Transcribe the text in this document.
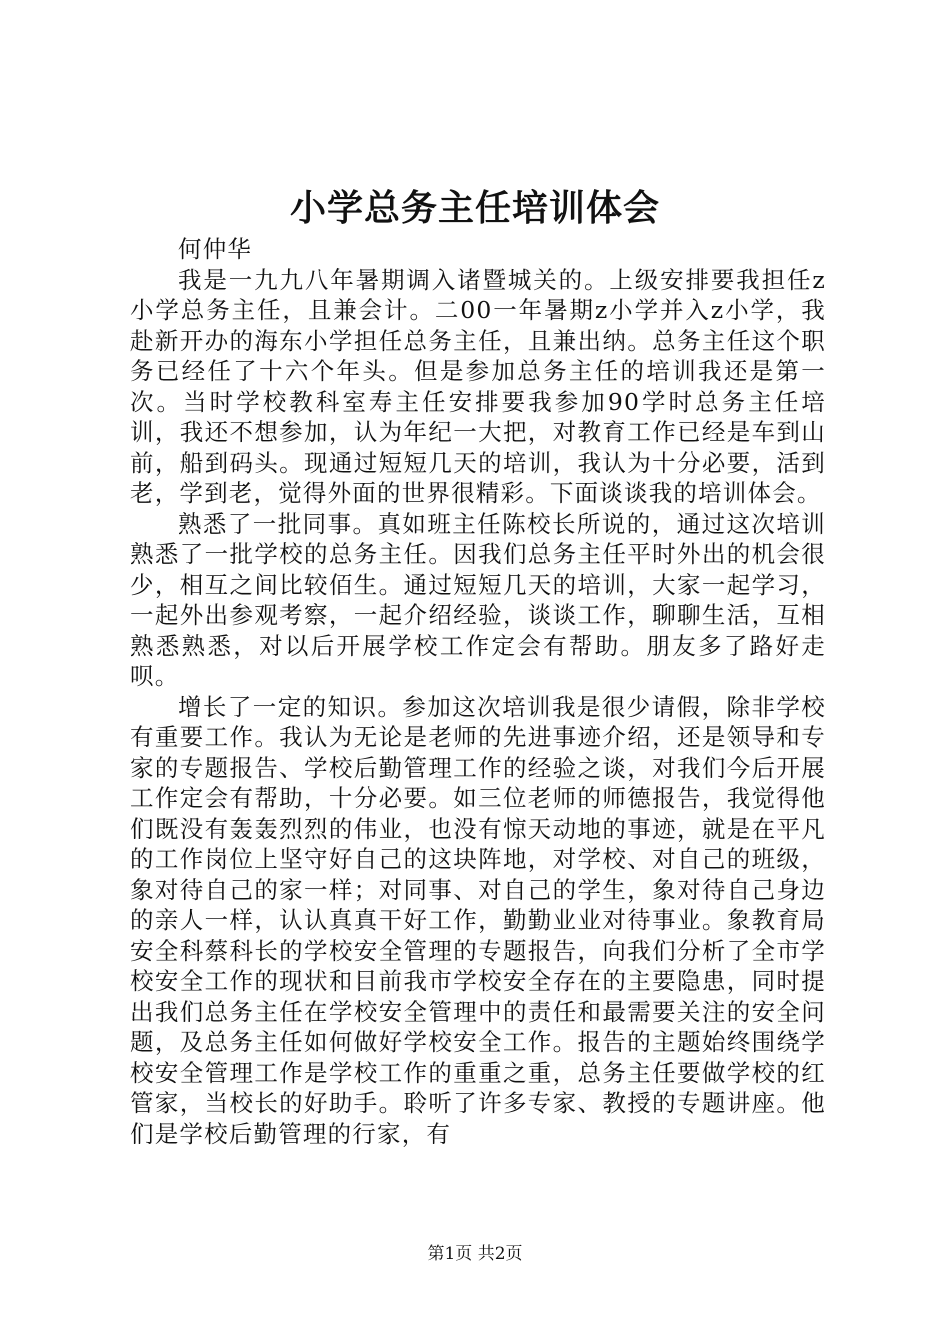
小学总务主任培训体会

何仲华

我是一九九八年暑期调入诸暨城关的。上级安排要我担任z小学总务主任，且兼会计。二00一年暑期z小学并入z小学，我赴新开办的海东小学担任总务主任，且兼出纳。总务主任这个职务已经任了十六个年头。但是参加总务主任的培训我还是第一次。当时学校教科室寿主任安排要我参加90学时总务主任培训，我还不想参加，认为年纪一大把，对教育工作已经是车到山前，船到码头。现通过短短几天的培训，我认为十分必要，活到老，学到老，觉得外面的世界很精彩。下面谈谈我的培训体会。

熟悉了一批同事。真如班主任陈校长所说的，通过这次培训熟悉了一批学校的总务主任。因我们总务主任平时外出的机会很少，相互之间比较佰生。通过短短几天的培训，大家一起学习，一起外出参观考察，一起介绍经验，谈谈工作，聊聊生活，互相熟悉熟悉，对以后开展学校工作定会有帮助。朋友多了路好走呗。

增长了一定的知识。参加这次培训我是很少请假，除非学校有重要工作。我认为无论是老师的先进事迹介绍，还是领导和专家的专题报告、学校后勤管理工作的经验之谈，对我们今后开展工作定会有帮助，十分必要。如三位老师的师德报告，我觉得他们既没有轰轰烈烈的伟业，也没有惊天动地的事迹，就是在平凡的工作岗位上坚守好自己的这块阵地，对学校、对自己的班级，象对待自己的家一样；对同事、对自己的学生，象对待自己身边的亲人一样，认认真真干好工作，勤勤业业对待事业。象教育局安全科蔡科长的学校安全管理的专题报告，向我们分析了全市学校安全工作的现状和目前我市学校安全存在的主要隐患，同时提出我们总务主任在学校安全管理中的责任和最需要关注的安全问题，及总务主任如何做好学校安全工作。报告的主题始终围绕学校安全管理工作是学校工作的重重之重，总务主任要做学校的红管家，当校长的好助手。聆听了许多专家、教授的专题讲座。他们是学校后勤管理的行家，有

第1页 共2页
